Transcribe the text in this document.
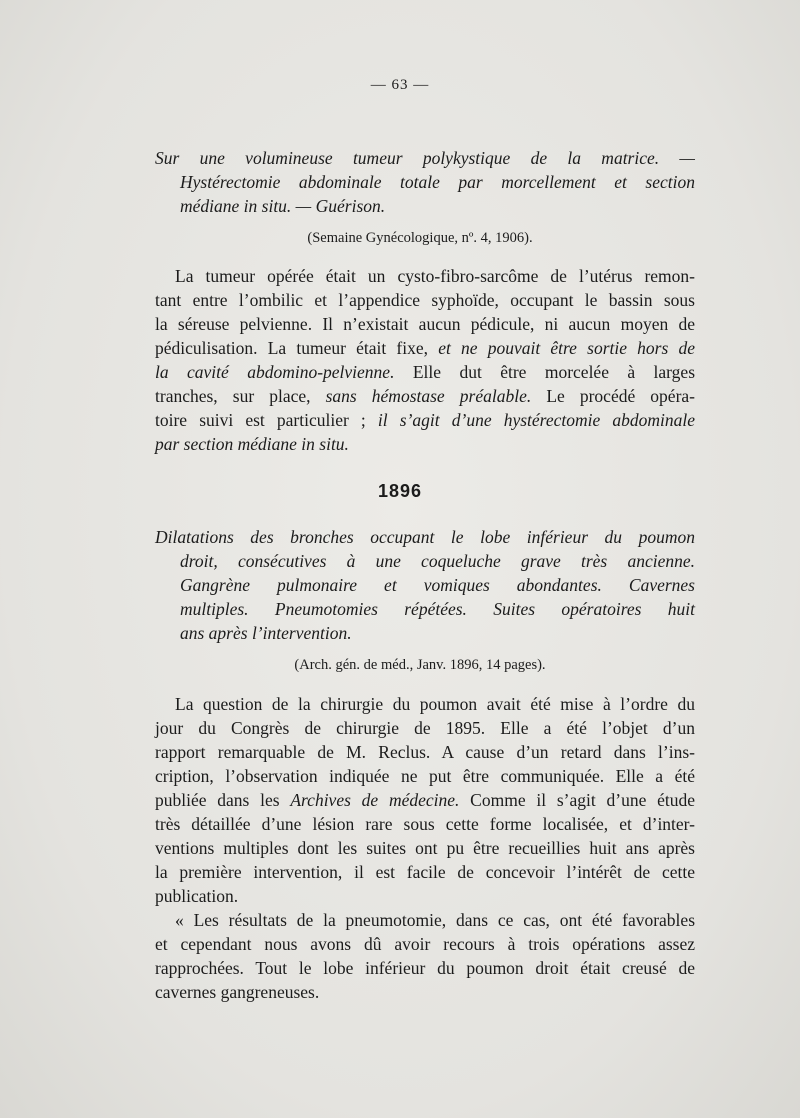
— 63 —
Sur une volumineuse tumeur polykystique de la matrice. —
Hystérectomie abdominale totale par morcellement et section
médiane in situ. — Guérison.
(Semaine Gynécologique, nº. 4, 1906).
La tumeur opérée était un cysto-fibro-sarcôme de l’utérus remon-
tant entre l’ombilic et l’appendice syphoïde, occupant le bassin sous
la séreuse pelvienne. Il n’existait aucun pédicule, ni aucun moyen de
pédiculisation. La tumeur était fixe, et ne pouvait être sortie hors de
la cavité abdomino-pelvienne. Elle dut être morcelée à larges
tranches, sur place, sans hémostase préalable. Le procédé opéra-
toire suivi est particulier ; il s’agit d’une hystérectomie abdominale
par section médiane in situ.
1896
Dilatations des bronches occupant le lobe inférieur du poumon
droit, consécutives à une coqueluche grave très ancienne.
Gangrène pulmonaire et vomiques abondantes. Cavernes
multiples. Pneumotomies répétées. Suites opératoires huit
ans après l’intervention.
(Arch. gén. de méd., Janv. 1896, 14 pages).
La question de la chirurgie du poumon avait été mise à l’ordre du
jour du Congrès de chirurgie de 1895. Elle a été l’objet d’un
rapport remarquable de M. Reclus. A cause d’un retard dans l’ins-
cription, l’observation indiquée ne put être communiquée. Elle a été
publiée dans les Archives de médecine. Comme il s’agit d’une étude
très détaillée d’une lésion rare sous cette forme localisée, et d’inter-
ventions multiples dont les suites ont pu être recueillies huit ans après
la première intervention, il est facile de concevoir l’intérêt de cette
publication.
« Les résultats de la pneumotomie, dans ce cas, ont été favorables
et cependant nous avons dû avoir recours à trois opérations assez
rapprochées. Tout le lobe inférieur du poumon droit était creusé de
cavernes gangreneuses.
